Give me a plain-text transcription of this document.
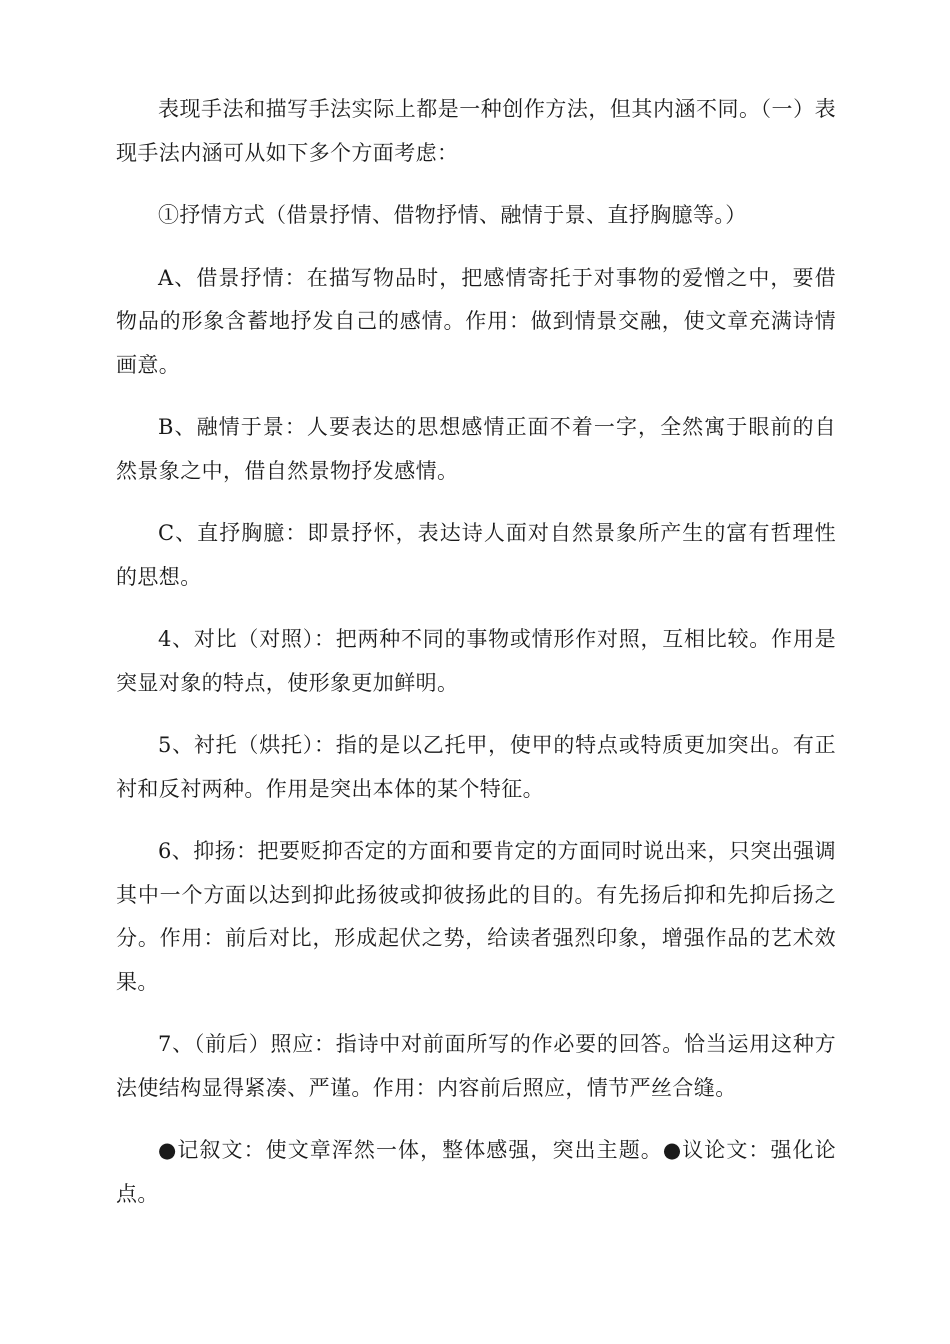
表现手法和描写手法实际上都是一种创作方法，但其内涵不同。（一）表现手法内涵可从如下多个方面考虑：

①抒情方式（借景抒情、借物抒情、融情于景、直抒胸臆等。）

A、借景抒情：在描写物品时，把感情寄托于对事物的爱憎之中，要借物品的形象含蓄地抒发自己的感情。作用：做到情景交融，使文章充满诗情画意。

B、融情于景：人要表达的思想感情正面不着一字，全然寓于眼前的自然景象之中，借自然景物抒发感情。

C、直抒胸臆：即景抒怀，表达诗人面对自然景象所产生的富有哲理性的思想。

4、对比（对照）：把两种不同的事物或情形作对照，互相比较。作用是突显对象的特点，使形象更加鲜明。

5、衬托（烘托）：指的是以乙托甲，使甲的特点或特质更加突出。有正衬和反衬两种。作用是突出本体的某个特征。

6、抑扬：把要贬抑否定的方面和要肯定的方面同时说出来，只突出强调其中一个方面以达到抑此扬彼或抑彼扬此的目的。有先扬后抑和先抑后扬之分。作用：前后对比，形成起伏之势，给读者强烈印象，增强作品的艺术效果。

7、（前后）照应：指诗中对前面所写的作必要的回答。恰当运用这种方法使结构显得紧凑、严谨。作用：内容前后照应，情节严丝合缝。

●记叙文：使文章浑然一体，整体感强，突出主题。●议论文：强化论点。
